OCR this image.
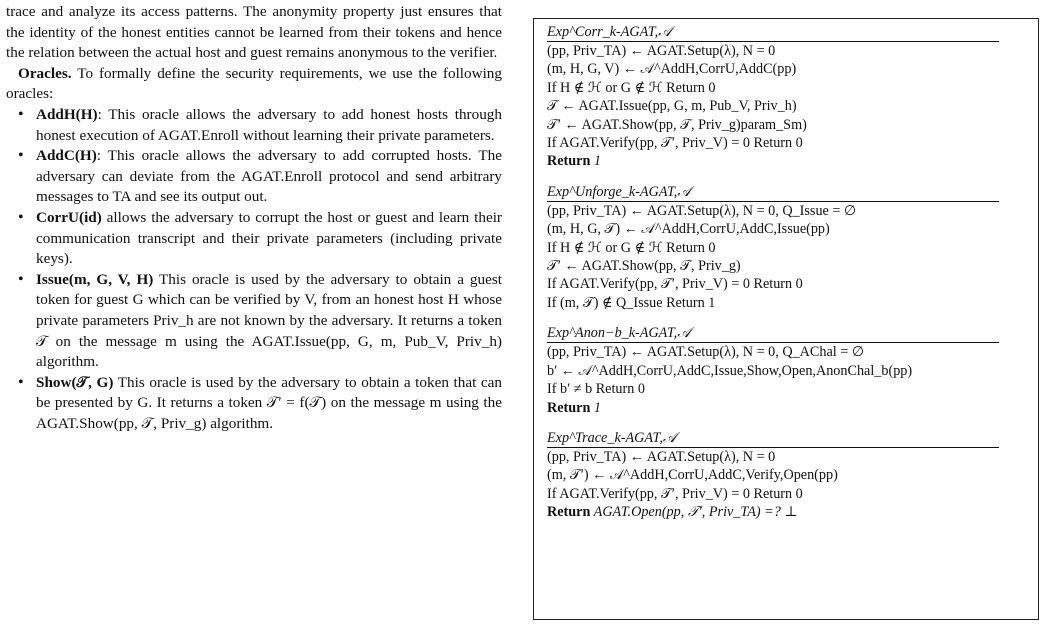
trace and analyze its access patterns. The anonymity property just ensures that the identity of the honest entities cannot be learned from their tokens and hence the relation between the actual host and guest remains anonymous to the verifier.

Oracles. To formally define the security requirements, we use the following oracles:

• AddH(H): This oracle allows the adversary to add honest hosts through honest execution of AGAT.Enroll without learning their private parameters.
• AddC(H): This oracle allows the adversary to add corrupted hosts. The adversary can deviate from the AGAT.Enroll protocol and send arbitrary messages to TA and see its output out.
• CorrU(id) allows the adversary to corrupt the host or guest and learn their communication transcript and their private parameters (including private keys).
• Issue(m, G, V, H) This oracle is used by the adversary to obtain a guest token for guest G which can be verified by V, from an honest host H whose private parameters Priv_h are not known by the adversary. It returns a token 𝒯 on the message m using the AGAT.Issue(pp, G, m, Pub_V, Priv_h) algorithm.
• Show(𝒯, G) This oracle is used by the adversary to obtain a token that can be presented by G. It returns a token 𝒯′ = f(𝒯) on the message m using the AGAT.Show(pp, 𝒯, Priv_g) algorithm.
Exp^Corr_k-AGAT,𝒜
(pp, Priv_TA) ← AGAT.Setup(λ), N = 0
(m, H, G, V) ← 𝒜^AddH,CorrU,AddC(pp)
If H ∉ ℋ or G ∉ ℋ Return 0
𝒯 ← AGAT.Issue(pp, G, m, Pub_V, Priv_h)
𝒯′ ← AGAT.Show(pp, 𝒯, Priv_g)param_Sm)
If AGAT.Verify(pp, 𝒯′, Priv_V) = 0 Return 0
Return 1
Exp^Unforge_k-AGAT,𝒜
(pp, Priv_TA) ← AGAT.Setup(λ), N = 0, Q_Issue = ∅
(m, H, G, 𝒯) ← 𝒜^AddH,CorrU,AddC,Issue(pp)
If H ∉ ℋ or G ∉ ℋ Return 0
𝒯′ ← AGAT.Show(pp, 𝒯, Priv_g)
If AGAT.Verify(pp, 𝒯′, Priv_V) = 0 Return 0
If (m, 𝒯) ∉ Q_Issue Return 1
Exp^Anon−b_k-AGAT,𝒜
(pp, Priv_TA) ← AGAT.Setup(λ), N = 0, Q_AChal = ∅
b′ ← 𝒜^AddH,CorrU,AddC,Issue,Show,Open,AnonChal_b(pp)
If b′ ≠ b Return 0
Return 1
Exp^Trace_k-AGAT,𝒜
(pp, Priv_TA) ← AGAT.Setup(λ), N = 0
(m, 𝒯′) ← 𝒜^AddH,CorrU,AddC,Verify,Open(pp)
If AGAT.Verify(pp, 𝒯′, Priv_V) = 0 Return 0
Return AGAT.Open(pp, 𝒯′, Priv_TA) =? ⊥
